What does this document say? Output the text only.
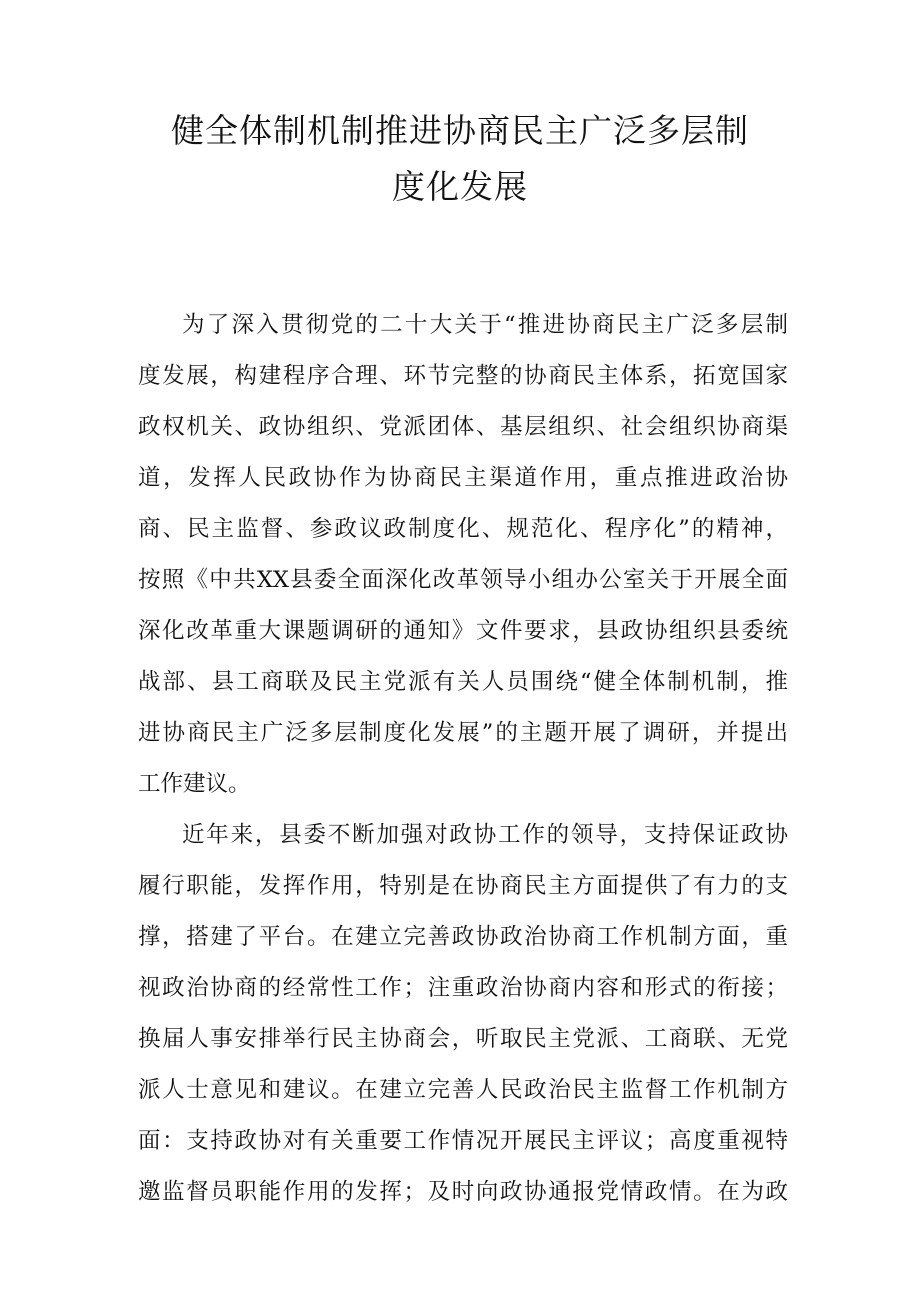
健全体制机制推进协商民主广泛多层制
度化发展
为了深入贯彻党的二十大关于“推进协商民主广泛多层制
度发展，构建程序合理、环节完整的协商民主体系，拓宽国家
政权机关、政协组织、党派团体、基层组织、社会组织协商渠
道，发挥人民政协作为协商民主渠道作用，重点推进政治协
商、民主监督、参政议政制度化、规范化、程序化”的精神，
按照《中共XX县委全面深化改革领导小组办公室关于开展全面
深化改革重大课题调研的通知》文件要求，县政协组织县委统
战部、县工商联及民主党派有关人员围绕“健全体制机制，推
进协商民主广泛多层制度化发展”的主题开展了调研，并提出
工作建议。
近年来，县委不断加强对政协工作的领导，支持保证政协
履行职能，发挥作用，特别是在协商民主方面提供了有力的支
撑，搭建了平台。在建立完善政协政治协商工作机制方面，重
视政治协商的经常性工作；注重政治协商内容和形式的衔接；
换届人事安排举行民主协商会，听取民主党派、工商联、无党
派人士意见和建议。在建立完善人民政治民主监督工作机制方
面：支持政协对有关重要工作情况开展民主评议；高度重视特
邀监督员职能作用的发挥；及时向政协通报党情政情。在为政
